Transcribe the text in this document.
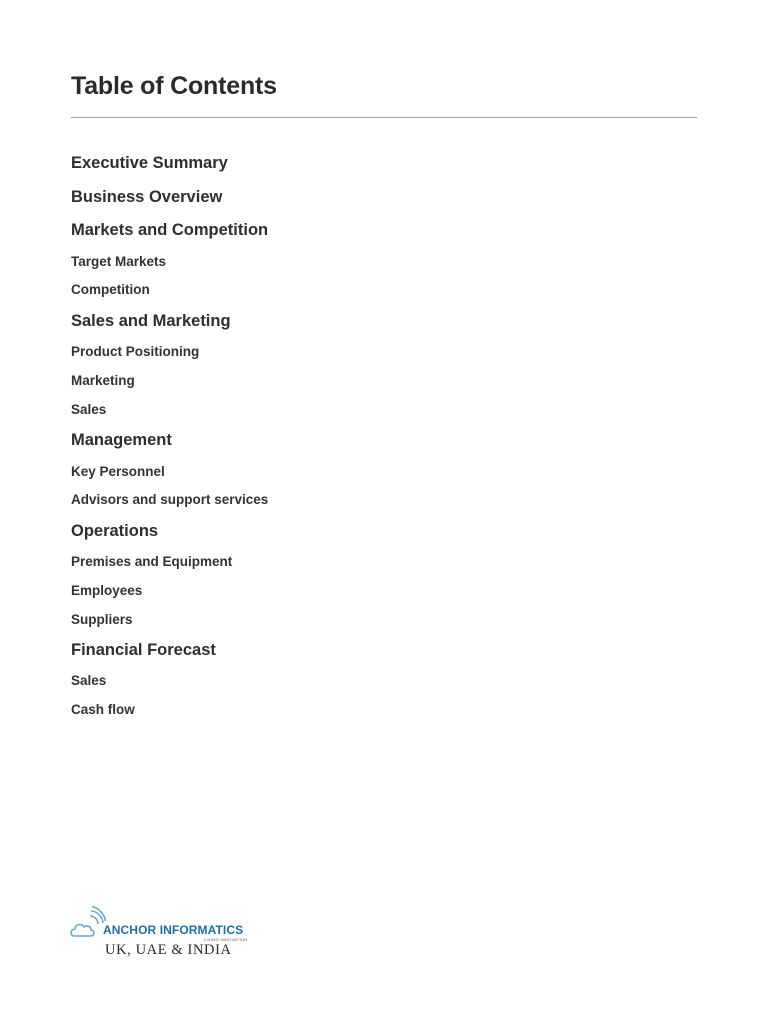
Table of Contents
Executive Summary
Business Overview
Markets and Competition
Target Markets
Competition
Sales and Marketing
Product Positioning
Marketing
Sales
Management
Key Personnel
Advisors and support services
Operations
Premises and Equipment
Employees
Suppliers
Financial Forecast
Sales
Cash flow
ANCHOR INFORMATICS
LIVING INNOVATION
UK, UAE & INDIA
